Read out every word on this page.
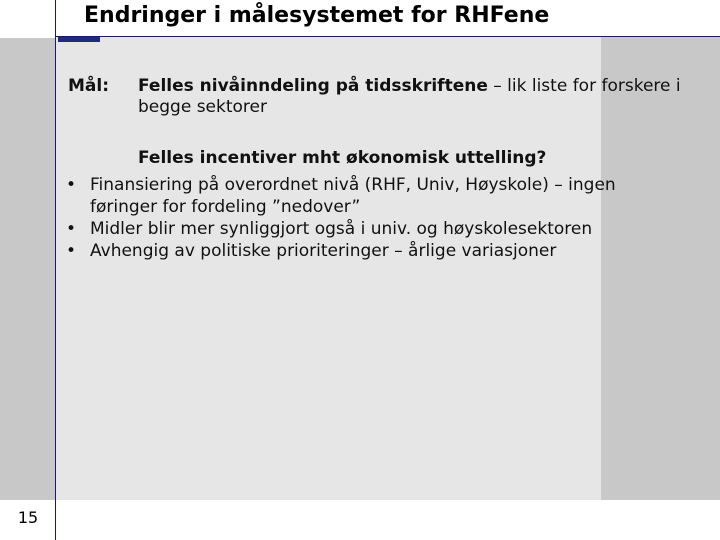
Endringer i målesystemet for RHFene
Mål: Felles nivåinndeling på tidsskriftene – lik liste for forskere i begge sektorer
Felles incentiver mht økonomisk uttelling?
• Finansiering på overordnet nivå (RHF, Univ, Høyskole) – ingen føringer for fordeling ”nedover”
• Midler blir mer synliggjort også i univ. og høyskolesektoren
• Avhengig av politiske prioriteringer – årlige variasjoner
15
